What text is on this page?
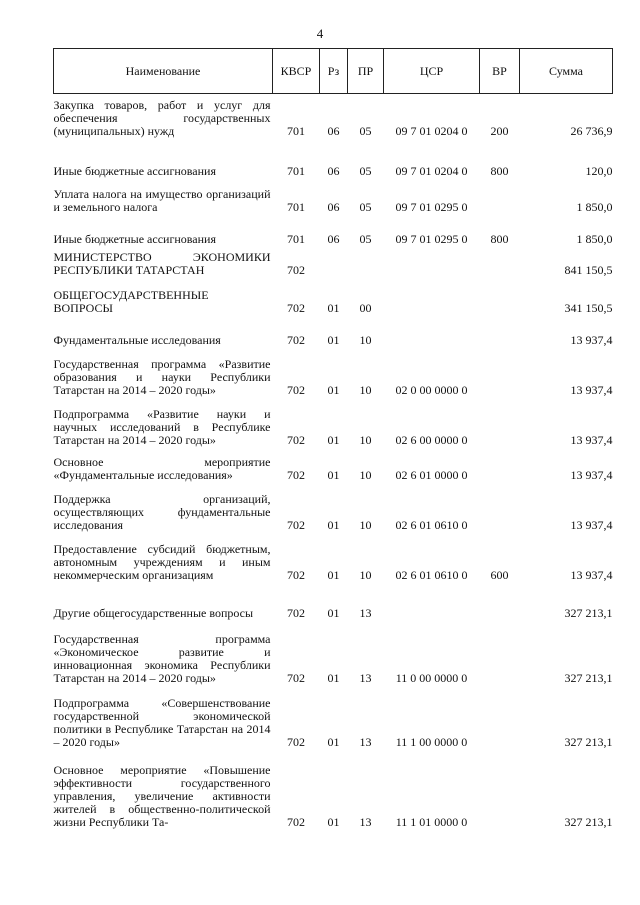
4
Наименование	КВСР	Рз	ПР	ЦСР	ВР	Сумма

Закупка товаров, работ и услуг для обеспечения государственных (муниципальных) нужд	701	06	05	09 7 01 0204 0	200	26 736,9

Иные бюджетные ассигнования	701	06	05	09 7 01 0204 0	800	120,0

Уплата налога на имущество организаций и земельного налога	701	06	05	09 7 01 0295 0		1 850,0

Иные бюджетные ассигнования	701	06	05	09 7 01 0295 0	800	1 850,0

МИНИСТЕРСТВО ЭКОНОМИКИ РЕСПУБЛИКИ ТАТАРСТАН	702					841 150,5

ОБЩЕГОСУДАРСТВЕННЫЕ ВОПРОСЫ	702	01	00			341 150,5

Фундаментальные исследования	702	01	10			13 937,4

Государственная программа «Развитие образования и науки Республики Татарстан на 2014 – 2020 годы»	702	01	10	02 0 00 0000 0		13 937,4

Подпрограмма «Развитие науки и научных исследований в Республике Татарстан на 2014 – 2020 годы»	702	01	10	02 6 00 0000 0		13 937,4

Основное мероприятие «Фундаментальные исследования»	702	01	10	02 6 01 0000 0		13 937,4

Поддержка организаций, осуществляющих фундаментальные исследования	702	01	10	02 6 01 0610 0		13 937,4

Предоставление субсидий бюджетным, автономным учреждениям и иным некоммерческим организациям	702	01	10	02 6 01 0610 0	600	13 937,4

Другие общегосударственные вопросы	702	01	13			327 213,1

Государственная программа «Экономическое развитие и инновационная экономика Республики Татарстан на 2014 – 2020 годы»	702	01	13	11 0 00 0000 0		327 213,1

Подпрограмма «Совершенствование государственной экономической политики в Республике Татарстан на 2014 – 2020 годы»	702	01	13	11 1 00 0000 0		327 213,1

Основное мероприятие «Повышение эффективности государственного управления, увеличение активности жителей в общественно-политической жизни Республики Та-	702	01	13	11 1 01 0000 0		327 213,1
